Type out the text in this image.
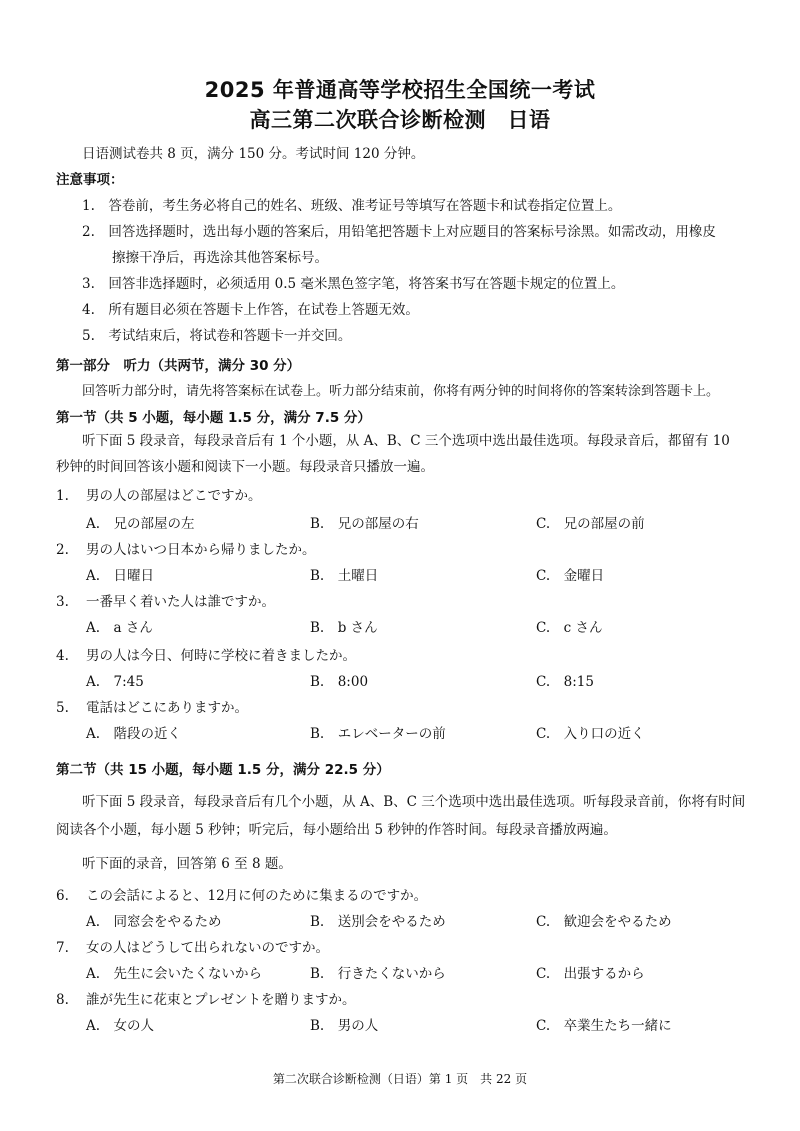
2025 年普通高等学校招生全国统一考试
高三第二次联合诊断检测　日语
日语测试卷共 8 页，满分 150 分。考试时间 120 分钟。
注意事项：
1.　答卷前，考生务必将自己的姓名、班级、准考证号等填写在答题卡和试卷指定位置上。
2.　回答选择题时，选出每小题的答案后，用铅笔把答题卡上对应题目的答案标号涂黑。如需改动，用橡皮
擦擦干净后，再选涂其他答案标号。
3.　回答非选择题时，必须适用 0.5 毫米黑色签字笔，将答案书写在答题卡规定的位置上。
4.　所有题目必须在答题卡上作答，在试卷上答题无效。
5.　考试结束后，将试卷和答题卡一并交回。
第一部分　听力（共两节，满分 30 分）
回答听力部分时，请先将答案标在试卷上。听力部分结束前，你将有两分钟的时间将你的答案转涂到答题卡上。
第一节（共 5 小题，每小题 1.5 分，满分 7.5 分）
听下面 5 段录音，每段录音后有 1 个小题，从 A、B、C 三个选项中选出最佳选项。每段录音后，都留有 10 秒钟的时间回答该小题和阅读下一小题。每段录音只播放一遍。
1. 男の人の部屋はどこですか。
A.　兄の部屋の左	B.　兄の部屋の右	C.　兄の部屋の前
2. 男の人はいつ日本から帰りましたか。
A.　日曜日	B.　土曜日	C.　金曜日
3. 一番早く着いた人は誰ですか。
A.　a さん	B.　b さん	C.　c さん
4. 男の人は今日、何時に学校に着きましたか。
A.　7:45	B.　8:00	C.　8:15
5. 電話はどこにありますか。
A.　階段の近く	B.　エレベーターの前	C.　入り口の近く
第二节（共 15 小题，每小题 1.5 分，满分 22.5 分）
听下面 5 段录音，每段录音后有几个小题，从 A、B、C 三个选项中选出最佳选项。听每段录音前，你将有时间阅读各个小题，每小题 5 秒钟；听完后，每小题给出 5 秒钟的作答时间。每段录音播放两遍。
听下面的录音，回答第 6 至 8 题。
6. この会話によると、12月に何のために集まるのですか。
A.　同窓会をやるため	B.　送別会をやるため	C.　歓迎会をやるため
7. 女の人はどうして出られないのですか。
A.　先生に会いたくないから	B.　行きたくないから	C.　出張するから
8. 誰が先生に花束とプレゼントを贈りますか。
A.　女の人	B.　男の人	C.　卒業生たち一緒に
第二次联合诊断检测（日语）第 1 页　共 22 页
